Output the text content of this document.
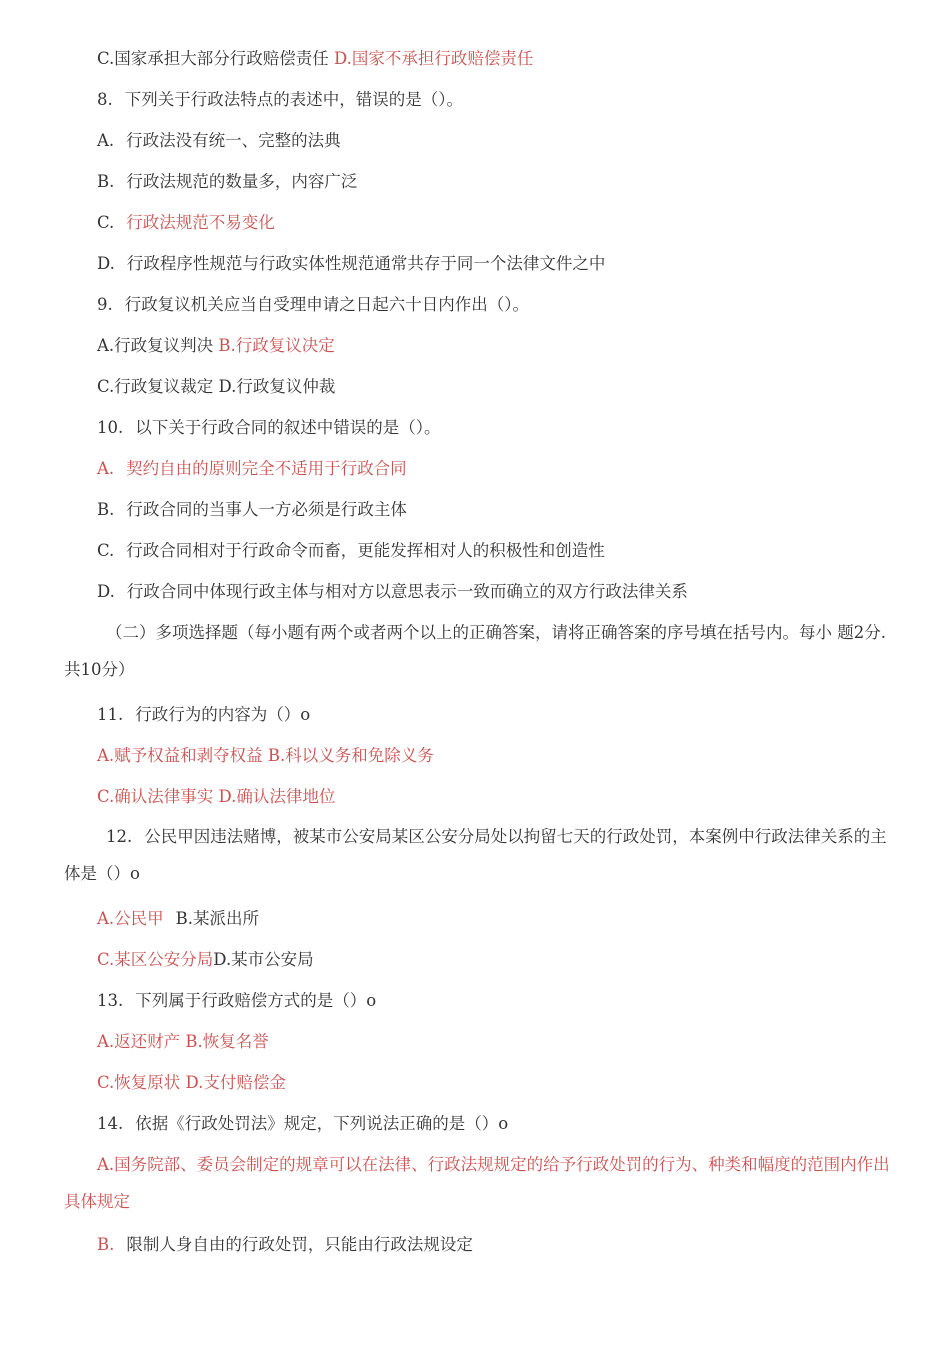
C.国家承担大部分行政赔偿责任 D.国家不承担行政赔偿责任
8. 下列关于行政法特点的表述中，错误的是（）。
A. 行政法没有统一、完整的法典
B. 行政法规范的数量多，内容广泛
C. 行政法规范不易变化
D. 行政程序性规范与行政实体性规范通常共存于同一个法律文件之中
9. 行政复议机关应当自受理申请之日起六十日内作出（）。
A.行政复议判决 B.行政复议决定
C.行政复议裁定 D.行政复议仲裁
10. 以下关于行政合同的叙述中错误的是（）。
A. 契约自由的原则完全不适用于行政合同
B. 行政合同的当事人一方必须是行政主体
C. 行政合同相对于行政命令而畜，更能发挥相对人的积极性和创造性
D. 行政合同中体现行政主体与相对方以意思表示一致而确立的双方行政法律关系
（二）多项选择题（每小题有两个或者两个以上的正确答案，请将正确答案的序号填在括号内。每小 题2分.共10分）
11. 行政行为的内容为（）o
A.赋予权益和剥夺权益 B.科以义务和免除义务
C.确认法律事实 D.确认法律地位
12. 公民甲因违法赌博，被某市公安局某区公安分局处以拘留七天的行政处罚，本案例中行政法律关系的主体是（）o
A.公民甲 B.某派出所
C.某区公安分局D.某市公安局
13. 下列属于行政赔偿方式的是（）o
A.返还财产 B.恢复名誉
C.恢复原状 D.支付赔偿金
14. 依据《行政处罚法》规定，下列说法正确的是（）o
A.国务院部、委员会制定的规章可以在法律、行政法规规定的给予行政处罚的行为、种类和幅度的范围内作出具体规定
B. 限制人身自由的行政处罚，只能由行政法规设定
